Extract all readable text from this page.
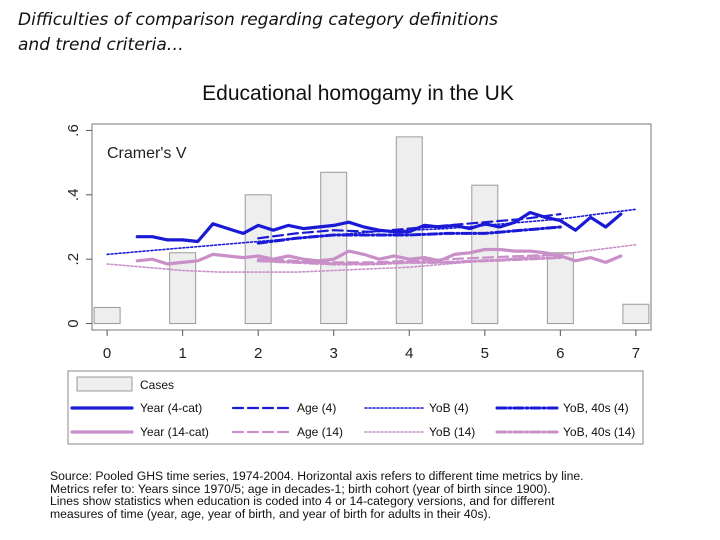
Difficulties of comparison regarding category definitions
and trend criteria…
Educational homogamy in the UK
0	1	2	3	4	5	6	7
0
.2
.4
.6
Cramer's V
Cases
Year (4-cat)	Age (4)	YoB (4)	YoB, 40s (4)
Year (14-cat)	Age (14)	YoB (14)	YoB, 40s (14)
Source: Pooled GHS time series, 1974-2004. Horizontal axis refers to different time metrics by line.
Metrics refer to: Years since 1970/5; age in decades-1; birth cohort (year of birth since 1900).
Lines show statistics when education is coded into 4 or 14-category versions, and for different
measures of time (year, age, year of birth, and year of birth for adults in their 40s).
